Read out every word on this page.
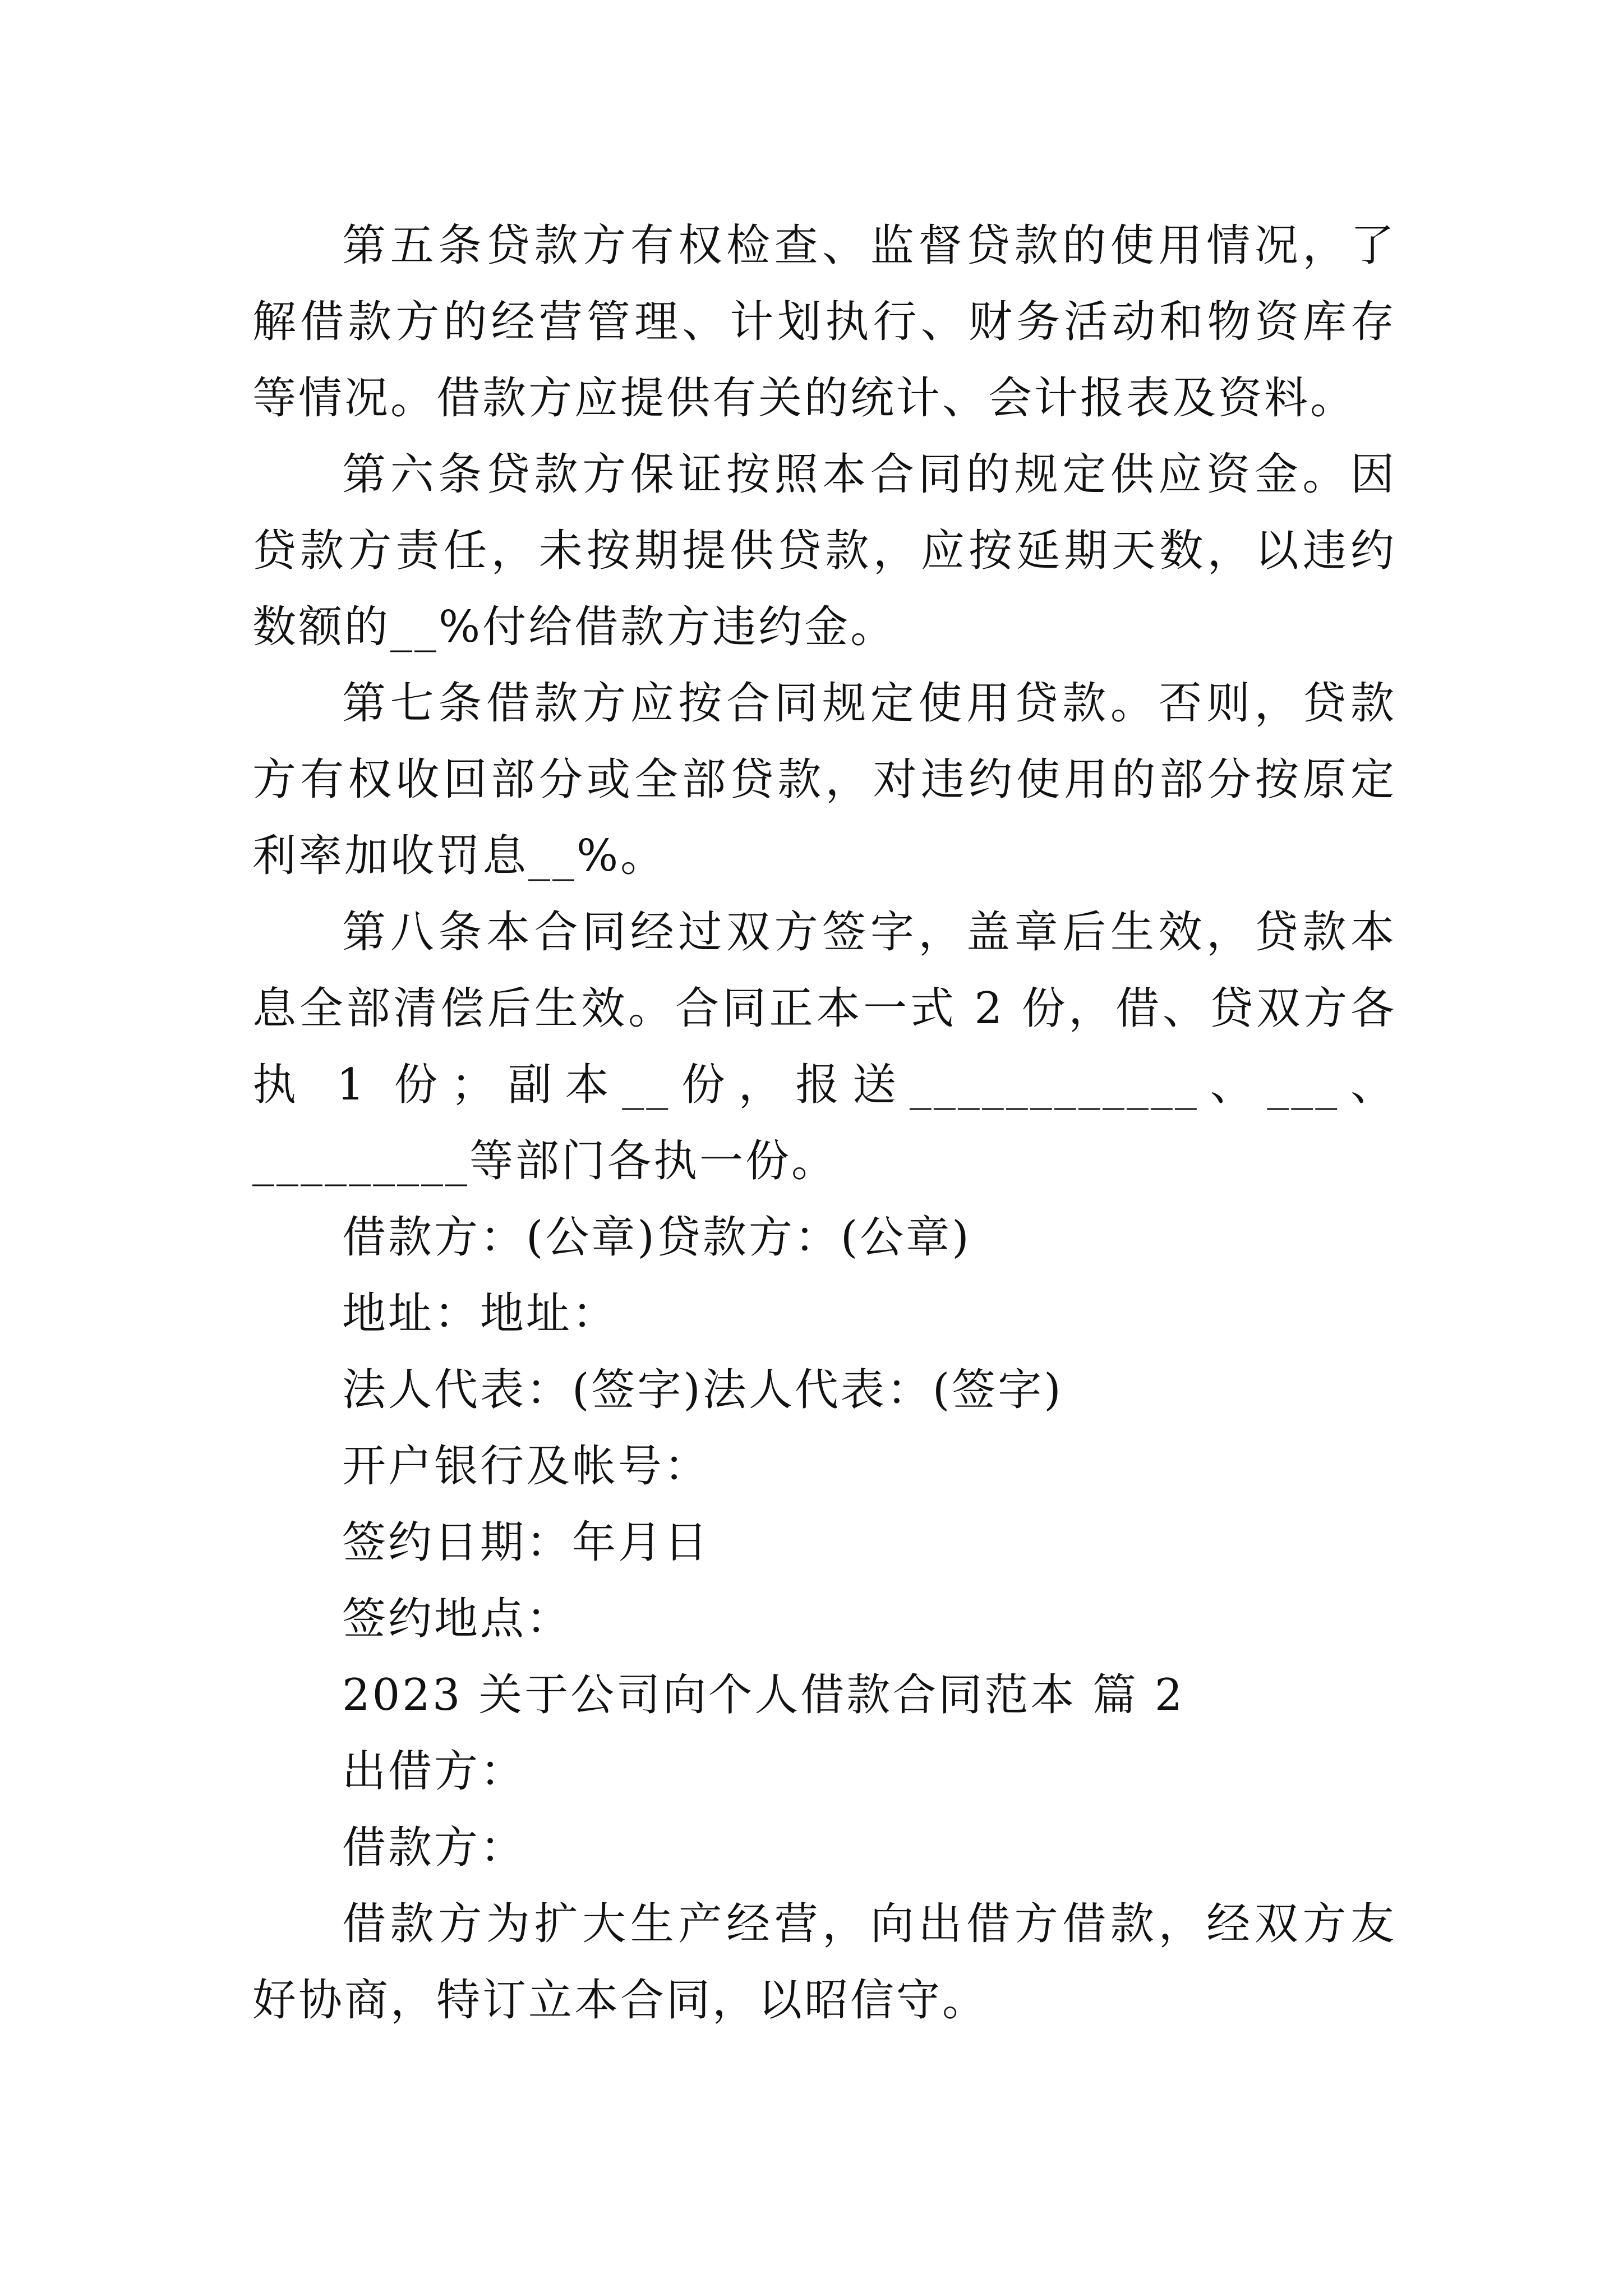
第五条贷款方有权检查、监督贷款的使用情况，了解借款方的经营管理、计划执行、财务活动和物资库存等情况。借款方应提供有关的统计、会计报表及资料。

第六条贷款方保证按照本合同的规定供应资金。因贷款方责任，未按期提供贷款，应按延期天数，以违约数额的__%付给借款方违约金。

第七条借款方应按合同规定使用贷款。否则，贷款方有权收回部分或全部贷款，对违约使用的部分按原定利率加收罚息__%。

第八条本合同经过双方签字，盖章后生效，贷款本息全部清偿后生效。合同正本一式 2 份，借、贷双方各执 1 份；副本__份，报送____________、___、_________等部门各执一份。

借款方：(公章)贷款方：(公章)

地址：地址：

法人代表：(签字)法人代表：(签字)

开户银行及帐号：

签约日期：年月日

签约地点：

2023 关于公司向个人借款合同范本 篇 2

出借方：

借款方：

借款方为扩大生产经营，向出借方借款，经双方友好协商，特订立本合同，以昭信守。
